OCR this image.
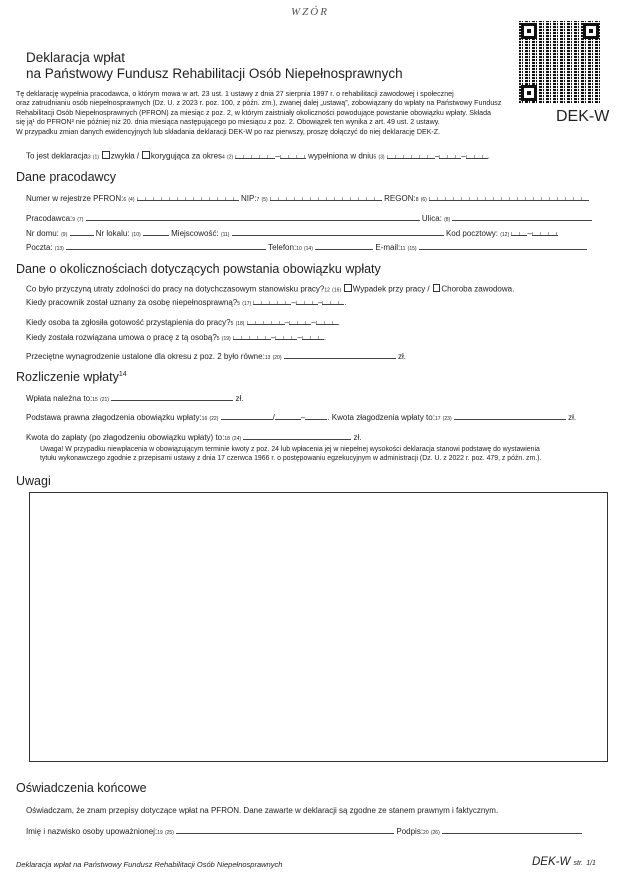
WZÓR
Deklaracja wpłat
na Państwowy Fundusz Rehabilitacji Osób Niepełnosprawnych
DEK-W
Tę deklarację wypełnia pracodawca, o którym mowa w art. 23 ust. 1 ustawy z dnia 27 sierpnia 1997 r. o rehabilitacji zawodowej i społecznej
oraz zatrudnianiu osób niepełnosprawnych (Dz. U. z 2023 r. poz. 100, z późn. zm.), zwanej dalej „ustawą”, zobowiązany do wpłaty na Państwowy Fundusz
Rehabilitacji Osób Niepełnosprawnych (PFRON) za miesiąc z poz. 2, w którym zaistniały okoliczności powodujące powstanie obowiązku wpłaty. Składa
się ją¹ do PFRON² nie później niż 20. dnia miesiąca następującego po miesiącu z poz. 2. Obowiązek ten wynika z art. 49 ust. 2 ustawy.
W przypadku zmian danych ewidencyjnych lub składania deklaracji DEK-W po raz pierwszy, proszę dołączyć do niej deklarację DEK-Z.
To jest deklaracja3 (1) zwykła / korygująca za okres4 (2)	–	wypełniona w dniu5 (3)	–	–	.
Dane pracodawcy
Numer w rejestrze PFRON:6 (4)	NIP:7 (5)	REGON:8 (6)
Pracodawca:9 (7)	Ulica: (8)
Nr domu: (9)	Nr lokalu: (10)	Miejscowość: (11)	Kod pocztowy: (12) –
Poczta: (13)	Telefon:10 (14)	E-mail:11 (15)
Dane o okolicznościach dotyczących powstania obowiązku wpłaty
Co było przyczyną utraty zdolności do pracy na dotychczasowym stanowisku pracy?12 (16) Wypadek przy pracy / Choroba zawodowa.
Kiedy pracownik został uznany za osobę niepełnosprawną?5 (17)	–	–	.
Kiedy osoba ta zgłosiła gotowość przystąpienia do pracy?5 (18)	–	–	.
Kiedy została rozwiązana umowa o pracę z tą osobą?5 (19)	–	–	.
Przeciętne wynagrodzenie ustalone dla okresu z poz. 2 było równe:13 (20)	zł.
Rozliczenie wpłaty$^{14}$
Wpłata należna to:15 (21)	zł.
Podstawa prawna złagodzenia obowiązku wpłaty:16 (22)	/	–	. Kwota złagodzenia wpłaty to:17 (23)	zł.
Kwota do zapłaty (po złagodzeniu obowiązku wpłaty) to:18 (24)	zł.
Uwaga! W przypadku niewpłacenia w obowiązującym terminie kwoty z poz. 24 lub wpłacenia jej w niepełnej wysokości deklaracja stanowi podstawę do wystawienia
tytułu wykonawczego zgodnie z przepisami ustawy z dnia 17 czerwca 1966 r. o postępowaniu egzekucyjnym w administracji (Dz. U. z 2022 r. poz. 479, z późn. zm.).
Uwagi
Oświadczenia końcowe
Oświadczam, że znam przepisy dotyczące wpłat na PFRON. Dane zawarte w deklaracji są zgodne ze stanem prawnym i faktycznym.
Imię i nazwisko osoby upoważnionej:19 (25)	Podpis:20 (26)
Deklaracja wpłat na Państwowy Fundusz Rehabilitacji Osób Niepełnosprawnych	DEK-W str. 1/1
